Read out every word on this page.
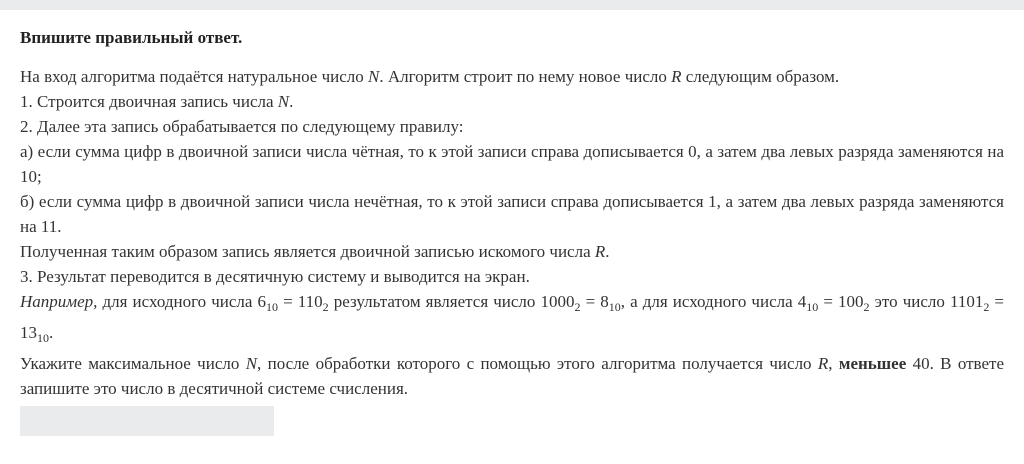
Впишите правильный ответ.

На вход алгоритма подаётся натуральное число N. Алгоритм строит по нему новое число R следующим образом.

1. Строится двоичная запись числа N.

2. Далее эта запись обрабатывается по следующему правилу:

а) если сумма цифр в двоичной записи числа чётная, то к этой записи справа дописывается 0, а затем два левых разряда заменяются на 10;

б) если сумма цифр в двоичной записи числа нечётная, то к этой записи справа дописывается 1, а затем два левых разряда заменяются на 11.

Полученная таким образом запись является двоичной записью искомого числа R.

3. Результат переводится в десятичную систему и выводится на экран.

Например, для исходного числа $6_{10} = 110_2$ результатом является число $1000_2 = 8_{10}$, а для исходного числа $4_{10} = 100_2$ это число $1101_2 = 13_{10}$.

Укажите максимальное число N, после обработки которого с помощью этого алгоритма получается число R, меньшее 40. В ответе запишите это число в десятичной системе счисления.
